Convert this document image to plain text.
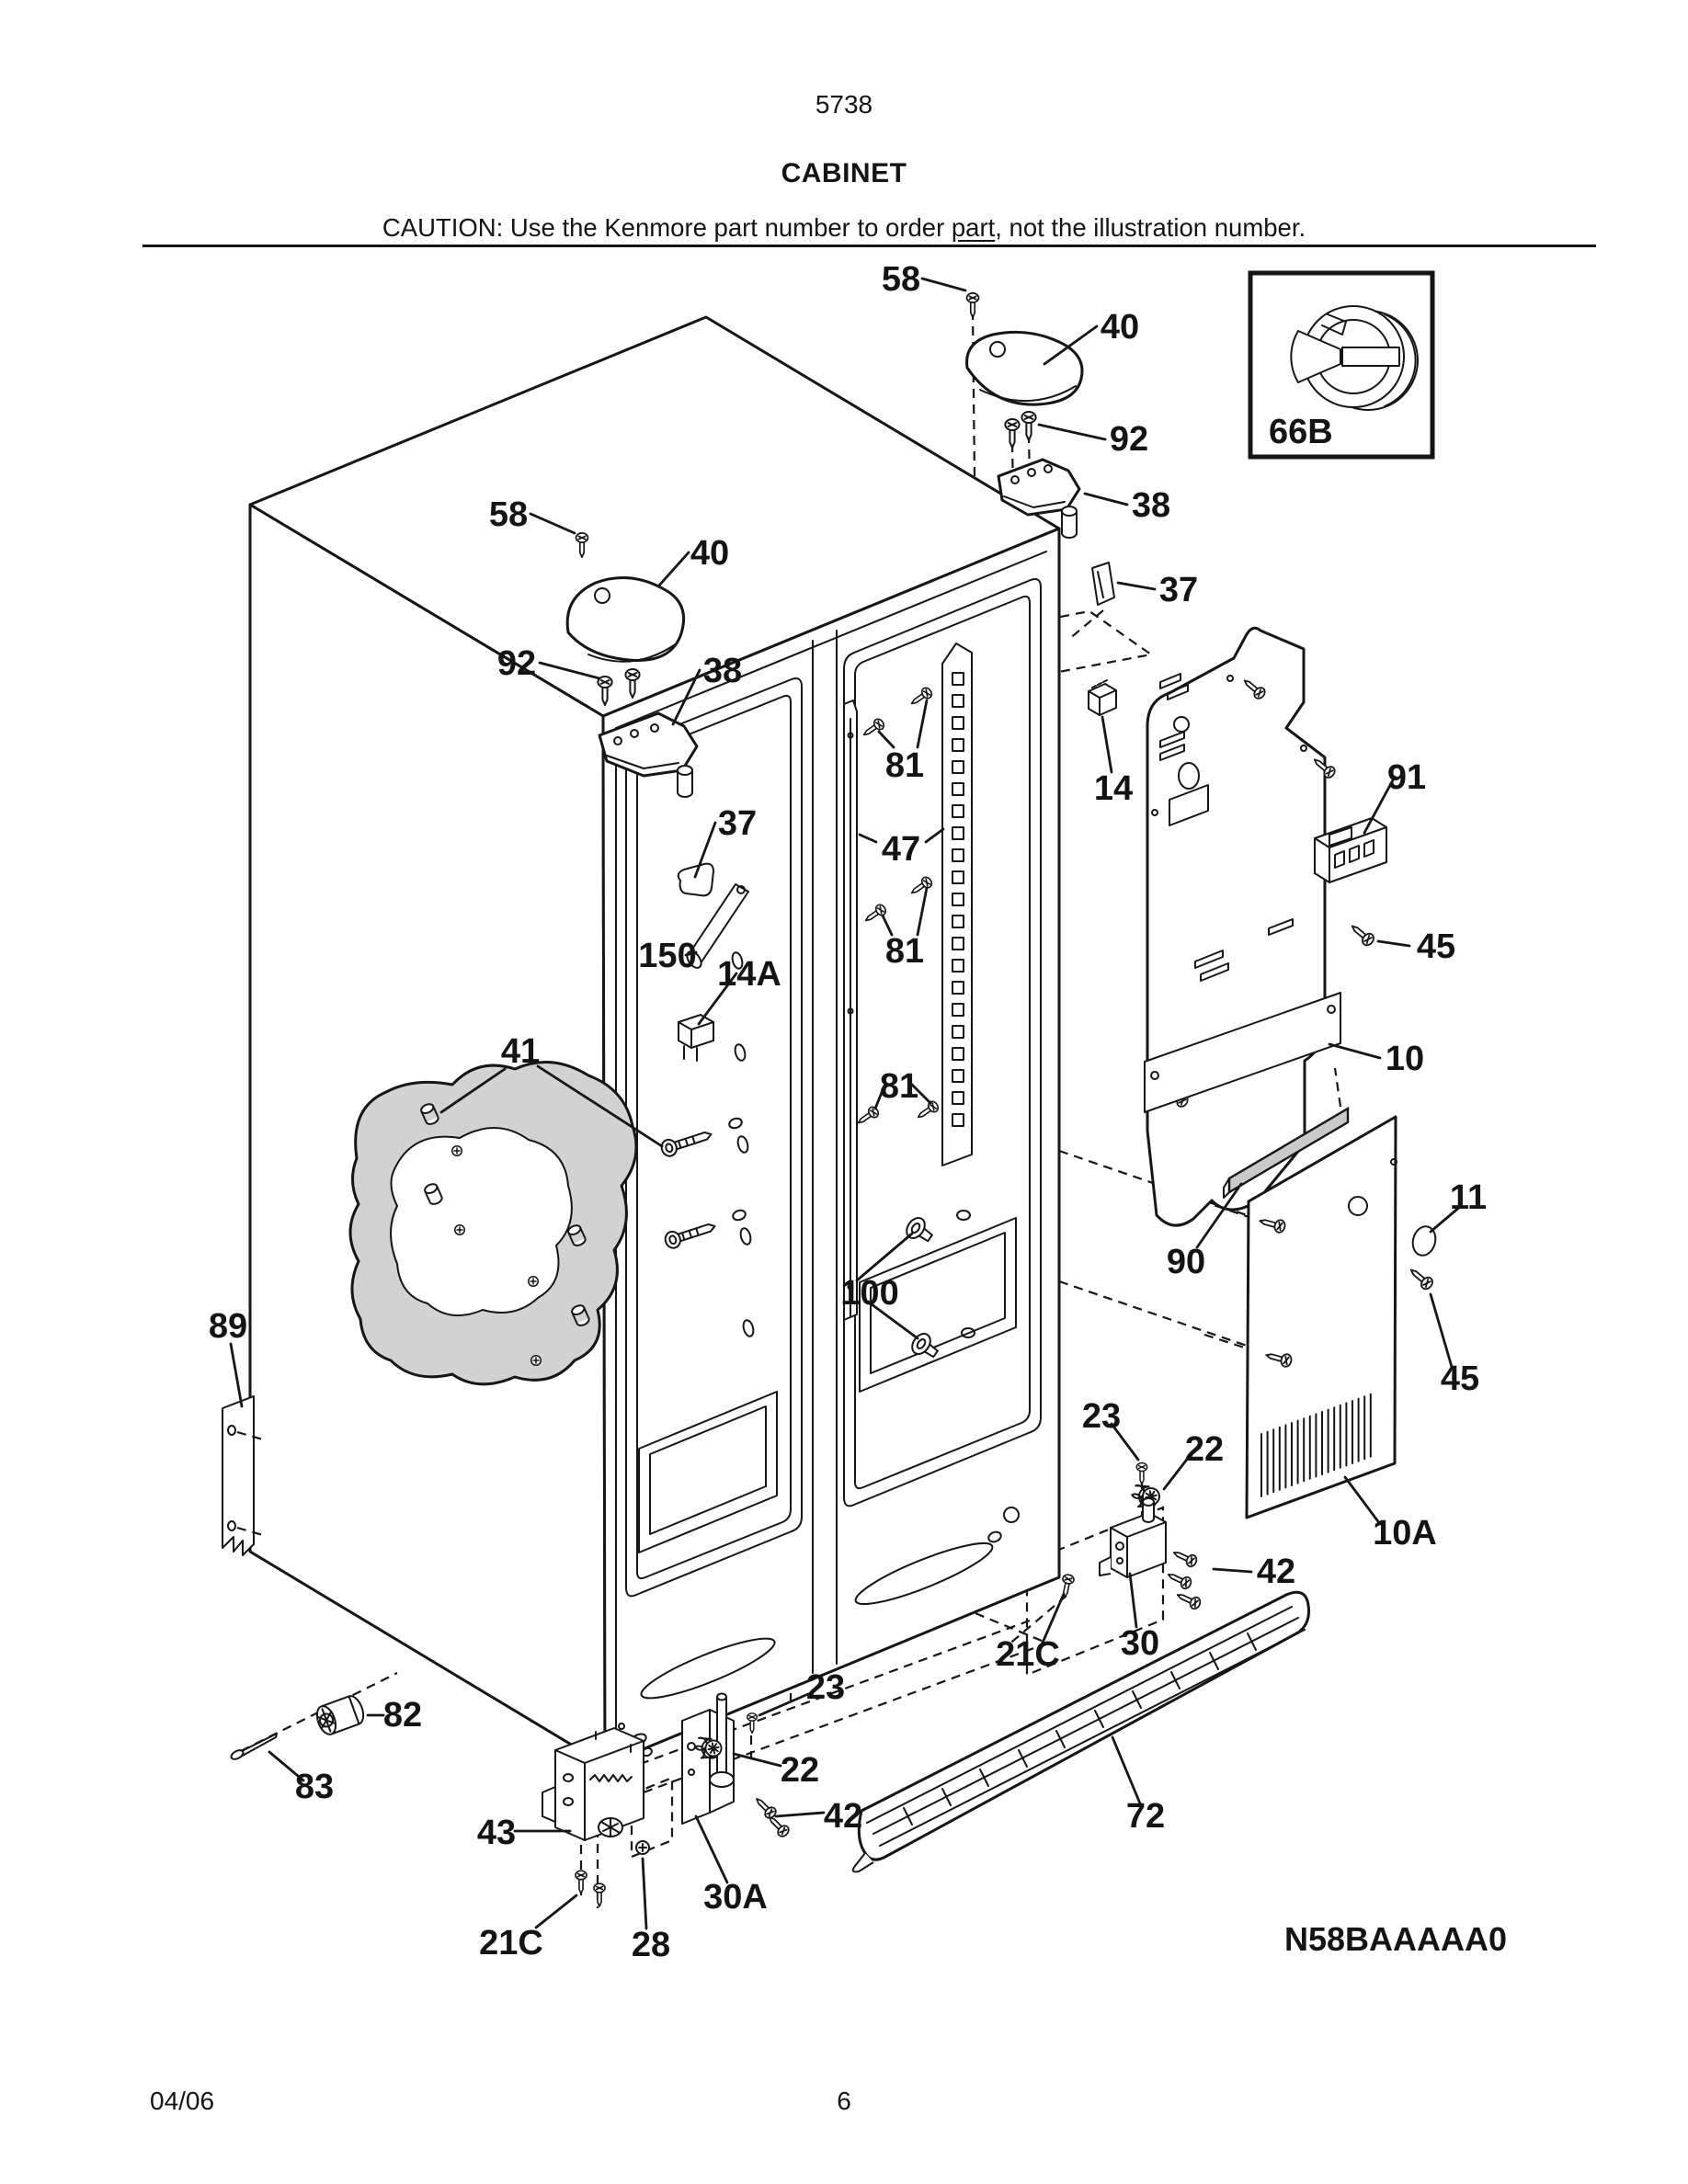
5738
CABINET
CAUTION: Use the Kenmore part number to order part, not the illustration number.
66B
58
40
92
38
37
58
40
92	38
37
81
14	91
47
45
150 14A
81
10
41
81
100
11
90
89
45
23
22
10A
42
30
21C
23
82
22
83
42
43
30A
72
21C	28	N58BAAAAA0
04/06	6
